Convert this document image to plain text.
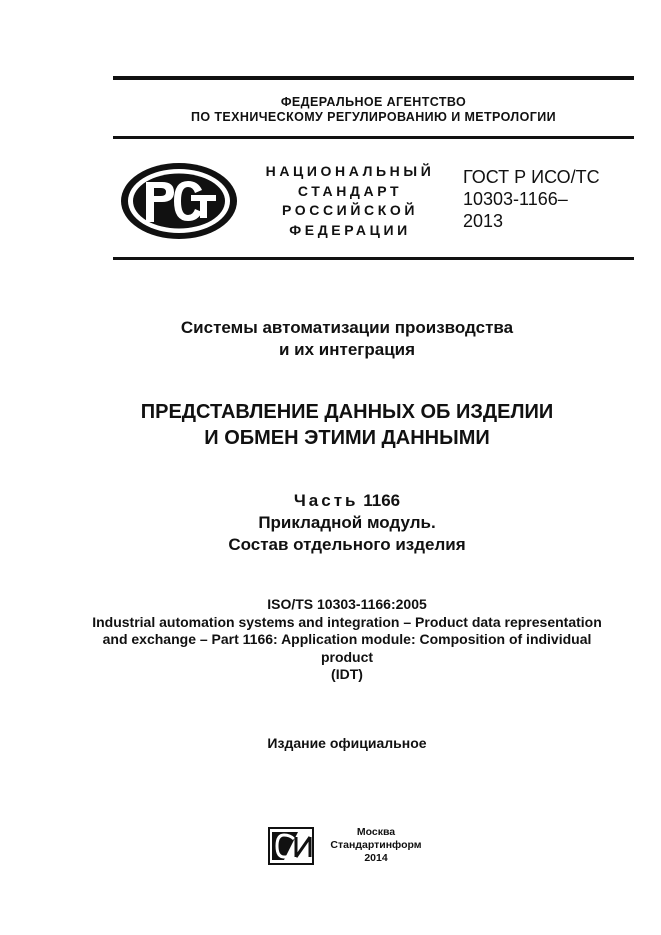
ФЕДЕРАЛЬНОЕ АГЕНТСТВО
ПО ТЕХНИЧЕСКОМУ РЕГУЛИРОВАНИЮ И МЕТРОЛОГИИ
НАЦИОНАЛЬНЫЙ
СТАНДАРТ
РОССИЙСКОЙ
ФЕДЕРАЦИИ
ГОСТ Р ИСО/ТС
10303-1166–
2013
Системы автоматизации производства
и их интеграция
ПРЕДСТАВЛЕНИЕ ДАННЫХ ОБ ИЗДЕЛИИ
И ОБМЕН ЭТИМИ ДАННЫМИ
Часть 1166
Прикладной модуль.
Состав отдельного изделия
ISO/TS 10303-1166:2005
Industrial automation systems and integration – Product data representation
and exchange – Part 1166: Application module: Composition of individual
product
(IDT)
Издание официальное
Москва
Стандартинформ
2014
